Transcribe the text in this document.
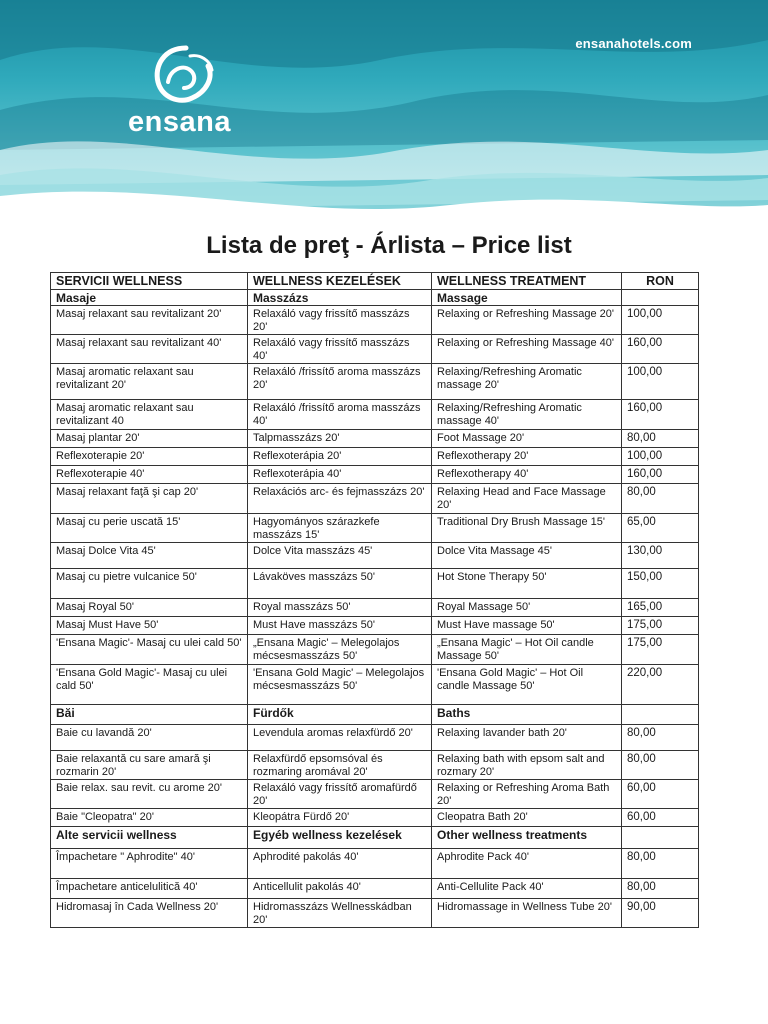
ensanahotels.com
ensana
Lista de preţ - Árlista – Price list
SERVICII WELLNESS	WELLNESS KEZELÉSEK	WELLNESS TREATMENT	RON
Masaje	Masszázs	Massage	
Masaj relaxant sau revitalizant 20'	Relaxáló vagy frissítő masszázs 20'	Relaxing or Refreshing Massage 20'	100,00
Masaj relaxant sau revitalizant 40'	Relaxáló vagy frissítő masszázs 40'	Relaxing or Refreshing Massage 40'	160,00
Masaj aromatic relaxant sau revitalizant 20'	Relaxáló /frissítő aroma masszázs 20'	Relaxing/Refreshing Aromatic massage 20'	100,00
Masaj aromatic relaxant sau revitalizant 40	Relaxáló /frissítő aroma masszázs 40'	Relaxing/Refreshing Aromatic massage 40'	160,00
Masaj plantar 20'	Talpmasszázs 20'	Foot Massage 20'	80,00
Reflexoterapie 20'	Reflexoterápia 20'	Reflexotherapy 20'	100,00
Reflexoterapie 40'	Reflexoterápia 40'	Reflexotherapy 40'	160,00
Masaj relaxant faţă şi cap 20'	Relaxációs arc- és fejmasszázs 20'	Relaxing Head and Face Massage 20'	80,00
Masaj cu perie uscată 15'	Hagyományos szárazkefe masszázs 15'	Traditional Dry Brush Massage 15'	65,00
Masaj Dolce Vita 45'	Dolce Vita masszázs 45'	Dolce Vita Massage 45'	130,00
Masaj cu pietre vulcanice 50'	Lávaköves masszázs 50'	Hot Stone Therapy 50'	150,00
Masaj Royal 50'	Royal masszázs 50'	Royal Massage 50'	165,00
Masaj Must Have 50'	Must Have masszázs 50'	Must Have massage 50'	175,00
'Ensana Magic'- Masaj cu ulei cald 50'	„Ensana Magic' – Melegolajos mécsesmasszázs 50'	„Ensana Magic' – Hot Oil candle Massage 50'	175,00
'Ensana Gold Magic'- Masaj cu ulei cald 50'	'Ensana Gold Magic' – Melegolajos mécsesmasszázs 50'	'Ensana Gold Magic' – Hot Oil candle Massage 50'	220,00
Băi	Fürdők	Baths	
Baie cu lavandă 20'	Levendula aromas relaxfürdő 20'	Relaxing lavander bath 20'	80,00
Baie relaxantă cu sare amară şi rozmarin 20'	Relaxfürdő epsomsóval és rozmaring aromával 20'	Relaxing bath with epsom salt and rozmary 20'	80,00
Baie relax. sau revit. cu arome 20'	Relaxáló vagy frissítő aromafürdő 20'	Relaxing or Refreshing Aroma Bath 20'	60,00
Baie "Cleopatra" 20'	Kleopátra Fürdő 20'	Cleopatra Bath 20'	60,00
Alte servicii wellness	Egyéb wellness kezelések	Other wellness treatments	
Împachetare " Aphrodite" 40'	Aphrodité pakolás 40'	Aphrodite Pack 40'	80,00
Împachetare anticelulitică 40'	Anticellulit pakolás 40'	Anti-Cellulite Pack 40'	80,00
Hidromasaj în Cada Wellness 20'	Hidromasszázs Wellnesskádban 20'	Hidromassage in Wellness Tube 20'	90,00
